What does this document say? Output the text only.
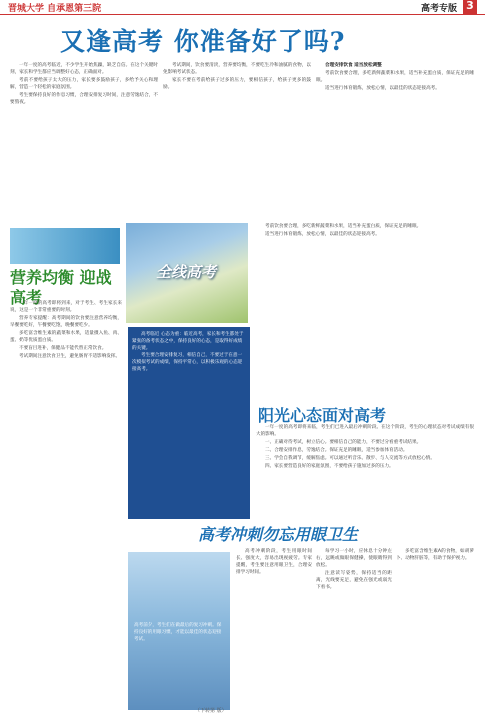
晋城大学 自承恩第三院	高考专版 3
又逢高考 你准备好了吗?

一年一度的高考临近，不少学生开始焦躁，缺乏自信。在这个关键时刻，家长和学生都应当调整好心态，正确面对。

考前不要给孩子太大的压力，家长要多鼓励孩子，多给予关心和理解，营造一个轻松的家庭氛围。

考生要保持良好的作息习惯，合理安排复习时间，注意劳逸结合，不要熬夜。

考试期间，饮食要清淡，营养要均衡，不要吃生冷和油腻的食物，以免影响考试状态。

家长不要在考前给孩子过多的压力，要相信孩子，给孩子更多的鼓励。

合理安排饮食 适当放松调整

考前饮食要合理，多吃新鲜蔬菜和水果，适当补充蛋白质，保证充足的睡眠。

适当进行体育锻炼，放松心情，以最佳的状态迎接高考。

营养均衡 迎战高考

一年一度的高考即将到来，对于考生、考生家长来说，这是一个非常重要的时刻。

营养专家提醒：高考期间的饮食要注意营养均衡，早餐要吃好，午餐要吃饱，晚餐要吃少。

多吃富含维生素的蔬菜和水果，适量摄入鱼、肉、蛋、奶等优质蛋白质。

不要盲目进补，保健品不能代替正常饮食。

考试期间注意饮食卫生，避免肠胃不适影响发挥。

全线高考

高考临近 心态为重：临近高考，家长和考生都处于紧张的备考状态之中，保持良好的心态，是取得好成绩的关键。

考生要合理安排复习，相信自己，不要过于在意一次模拟考试的成绩，保持平常心，以积极乐观的心态迎接高考。

考前饮食要合理，多吃新鲜蔬菜和水果，适当补充蛋白质，保证充足的睡眠。

适当进行体育锻炼，放松心情，以最佳的状态迎接高考。

阳光心态面对高考

一年一度的高考即将来临，考生们已进入最后冲刺阶段。在这个阶段，考生的心理状态对考试成绩有很大的影响。

一、正确对待考试，树立信心。要相信自己的能力，不要过分看重考试结果。

二、合理安排作息，劳逸结合。保证充足的睡眠，适当参加体育活动。

三、学会自我调节，缓解焦虑。可以通过听音乐、散步、与人交流等方式放松心情。

四、家长要营造良好的家庭氛围，不要给孩子施加过多的压力。

高考冲刺勿忘用眼卫生
高考前夕，考生们在做最后的复习冲刺。保持良好的用眼习惯，才能以最佳的状态迎接考试。

高考冲刺阶段，考生用眼时间长、强度大，容易出现视疲劳。专家提醒，考生要注意用眼卫生，合理安排学习时间。

每学习一小时，应休息十分钟左右，远眺或做眼保健操，使眼睛得到放松。

注意读写姿势，保持适当的距离，光线要充足，避免在强光或弱光下看书。

多吃富含维生素A的食物，如胡萝卜、动物肝脏等，有助于保护视力。

（下转第 版）
